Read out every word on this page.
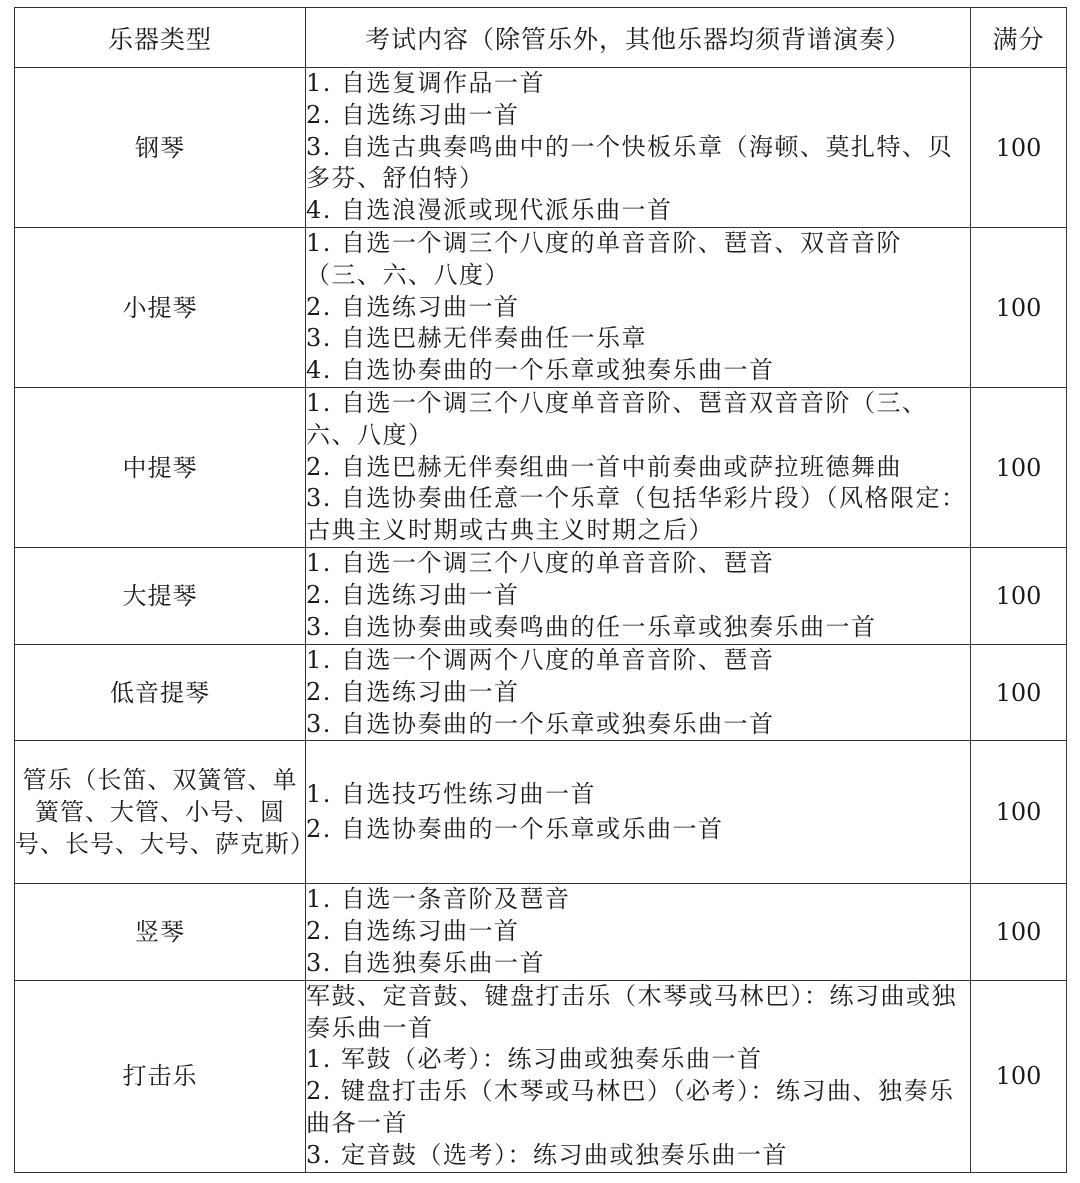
乐器类型	考试内容（除管乐外，其他乐器均须背谱演奏）	满分
钢琴	1. 自选复调作品一首
2. 自选练习曲一首
3. 自选古典奏鸣曲中的一个快板乐章（海顿、莫扎特、贝多芬、舒伯特）
4. 自选浪漫派或现代派乐曲一首	100
小提琴	1. 自选一个调三个八度的单音音阶、琶音、双音音阶（三、六、八度）
2. 自选练习曲一首
3. 自选巴赫无伴奏曲任一乐章
4. 自选协奏曲的一个乐章或独奏乐曲一首	100
中提琴	1. 自选一个调三个八度单音音阶、琶音双音音阶（三、六、八度）
2. 自选巴赫无伴奏组曲一首中前奏曲或萨拉班德舞曲
3. 自选协奏曲任意一个乐章（包括华彩片段）（风格限定：古典主义时期或古典主义时期之后）	100
大提琴	1. 自选一个调三个八度的单音音阶、琶音
2. 自选练习曲一首
3. 自选协奏曲或奏鸣曲的任一乐章或独奏乐曲一首	100
低音提琴	1. 自选一个调两个八度的单音音阶、琶音
2. 自选练习曲一首
3. 自选协奏曲的一个乐章或独奏乐曲一首	100
管乐（长笛、双簧管、单簧管、大管、小号、圆号、长号、大号、萨克斯）	1. 自选技巧性练习曲一首
2. 自选协奏曲的一个乐章或乐曲一首	100
竖琴	1. 自选一条音阶及琶音
2. 自选练习曲一首
3. 自选独奏乐曲一首	100
打击乐	军鼓、定音鼓、键盘打击乐（木琴或马林巴）：练习曲或独奏乐曲一首
1. 军鼓（必考）：练习曲或独奏乐曲一首
2. 键盘打击乐（木琴或马林巴）（必考）：练习曲、独奏乐曲各一首
3. 定音鼓（选考）：练习曲或独奏乐曲一首	100
